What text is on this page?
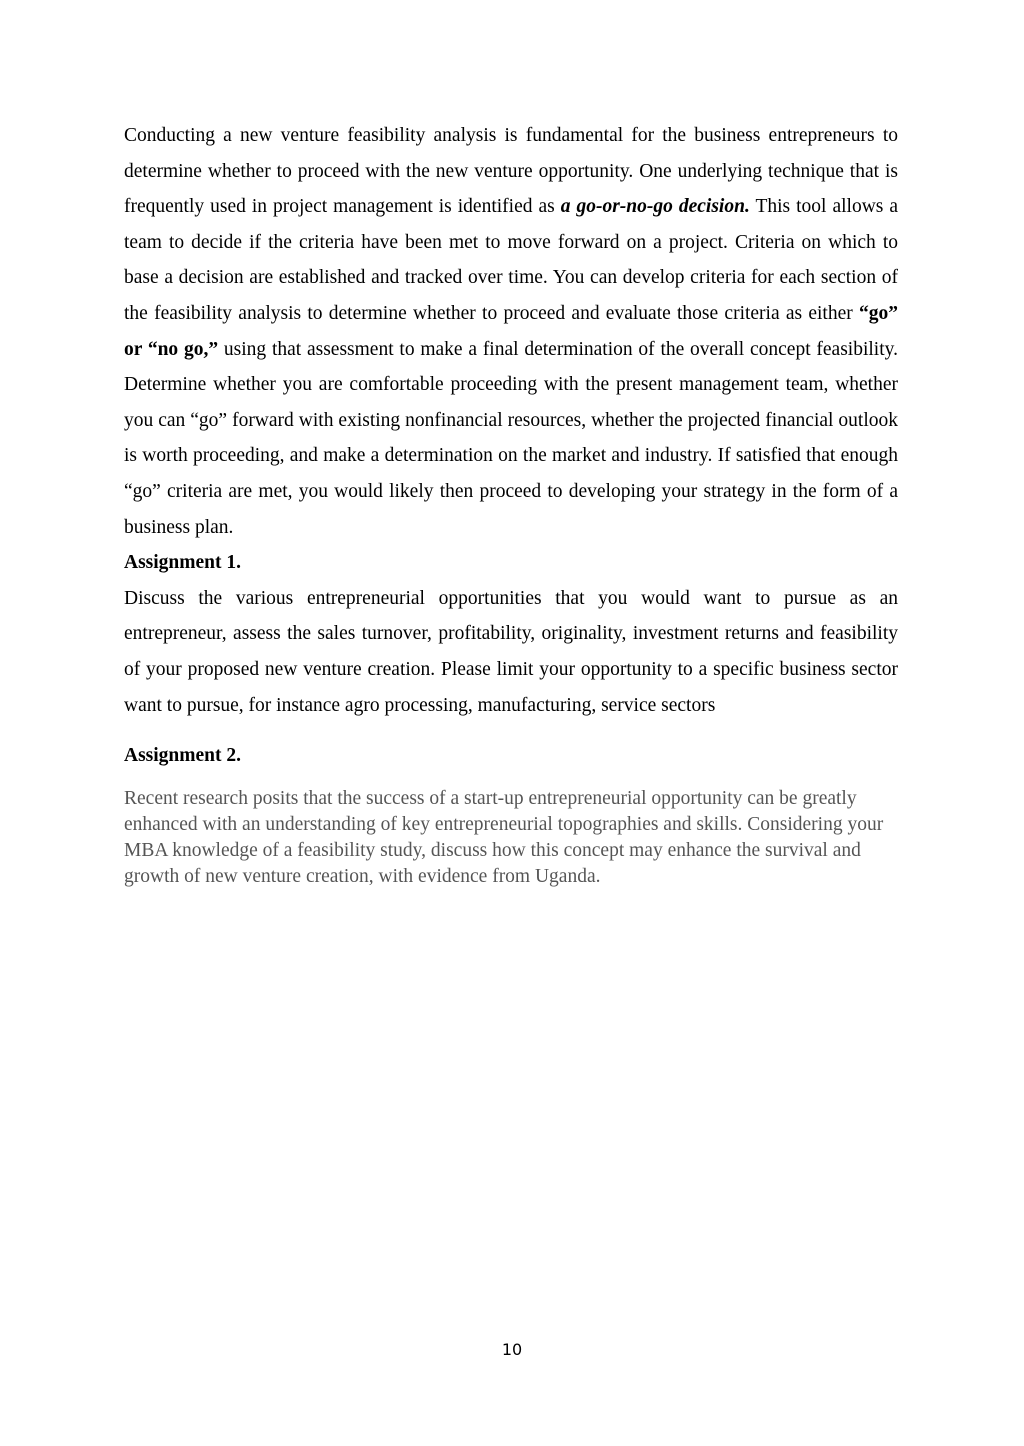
Conducting a new venture feasibility analysis is fundamental for the business entrepreneurs to determine whether to proceed with the new venture opportunity. One underlying technique that is frequently used in project management is identified as a go-or-no-go decision. This tool allows a team to decide if the criteria have been met to move forward on a project. Criteria on which to base a decision are established and tracked over time. You can develop criteria for each section of the feasibility analysis to determine whether to proceed and evaluate those criteria as either “go” or “no go,” using that assessment to make a final determination of the overall concept feasibility. Determine whether you are comfortable proceeding with the present management team, whether you can “go” forward with existing nonfinancial resources, whether the projected financial outlook is worth proceeding, and make a determination on the market and industry. If satisfied that enough “go” criteria are met, you would likely then proceed to developing your strategy in the form of a business plan.

Assignment 1.

Discuss the various entrepreneurial opportunities that you would want to pursue as an entrepreneur, assess the sales turnover, profitability, originality, investment returns and feasibility of your proposed new venture creation. Please limit your opportunity to a specific business sector want to pursue, for instance agro processing, manufacturing, service sectors

Assignment 2.

Recent research posits that the success of a start-up entrepreneurial opportunity can be greatly enhanced with an understanding of key entrepreneurial topographies and skills. Considering your MBA knowledge of a feasibility study, discuss how this concept may enhance the survival and growth of new venture creation, with evidence from Uganda.

10
